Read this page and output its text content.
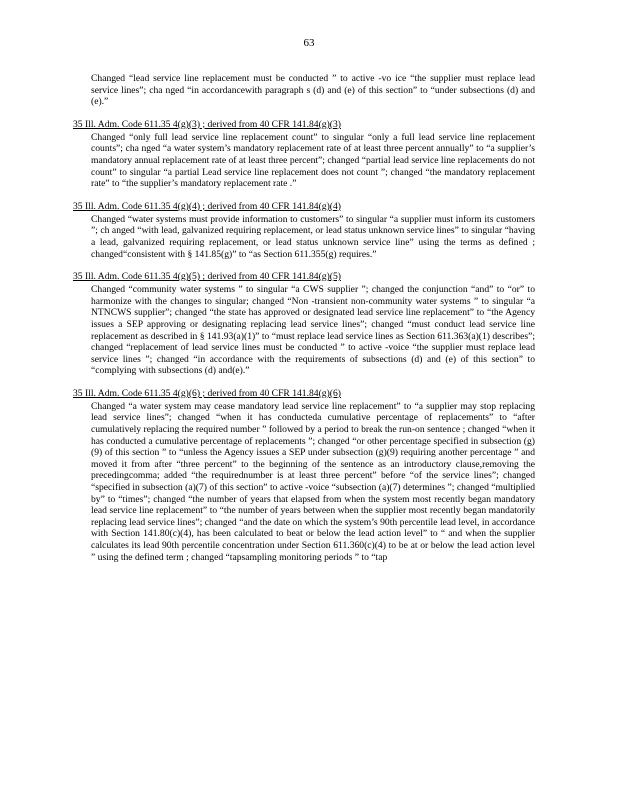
63

Changed “lead service line replacement must be conducted ” to active -vo ice “the supplier must replace lead service lines”; cha nged “in accordancewith paragraph s (d) and (e) of this section” to “under subsections (d) and (e).”

35 Ill. Adm. Code 611.35 4(g)(3) ; derived from 40 CFR 141.84(g)(3)

Changed “only full lead service line replacement count” to singular “only a full lead service line replacement counts”; cha nged “a water system’s mandatory replacement rate of at least three percent annually” to “a supplier’s mandatory annual replacement rate of at least three percent”; changed “partial lead service line replacements do not count” to singular “a partial Lead service line replacement does not count ”; changed “the mandatory replacement rate” to “the supplier’s mandatory replacement rate .”

35 Ill. Adm. Code 611.35 4(g)(4) ; derived from 40 CFR 141.84(g)(4)

Changed “water systems must provide information to customers” to singular “a supplier must inform its customers ”; ch anged “with lead, galvanized requiring replacement, or lead status unknown service lines” to singular “having a lead, galvanized requiring replacement, or lead status unknown service line” using the terms as defined ; changed“consistent with § 141.85(g)” to “as Section 611.355(g) requires.”

35 Ill. Adm. Code 611.35 4(g)(5) ; derived from 40 CFR 141.84(g)(5)

Changed “community water systems ” to singular “a CWS supplier ”; changed the conjunction “and” to “or” to harmonize with the changes to singular; changed “Non -transient non-community water systems ” to singular “a NTNCWS supplier”; changed “the state has approved or designated lead service line replacement” to “the Agency issues a SEP approving or designating replacing lead service lines”; changed “must conduct lead service line replacement as described in § 141.93(a)(1)” to “must replace lead service lines as Section 611.363(a)(1) describes”; changed “replacement of lead service lines must be conducted ” to active -voice “the supplier must replace lead service lines ”; changed “in accordance with the requirements of subsections (d) and (e) of this section” to “complying with subsections (d) and(e).”

35 Ill. Adm. Code 611.35 4(g)(6) ; derived from 40 CFR 141.84(g)(6)

Changed “a water system may cease mandatory lead service line replacement” to “a supplier may stop replacing lead service lines”; changed “when it has conducteda cumulative percentage of replacements” to “after cumulatively replacing the required number ” followed by a period to break the run-on sentence ; changed “when it has conducted a cumulative percentage of replacements ”; changed “or other percentage specified in subsection (g)(9) of this section ” to “unless the Agency issues a SEP under subsection (g)(9) requiring another percentage ” and moved it from after “three percent” to the beginning of the sentence as an introductory clause,removing the precedingcomma; added “the requirednumber is at least three percent” before “of the service lines”; changed “specified in subsection (a)(7) of this section” to active -voice “subsection (a)(7) determines ”; changed “multiplied by” to “times”; changed “the number of years that elapsed from when the system most recently began mandatory lead service line replacement” to “the number of years between when the supplier most recently began mandatorily replacing lead service lines”; changed “and the date on which the system’s 90th percentile lead level, in accordance with Section 141.80(c)(4), has been calculated to beat or below the lead action level” to “ and when the supplier calculates its lead 90th percentile concentration under Section 611.360(c)(4) to be at or below the lead action level ” using the defined term ; changed “tapsampling monitoring periods ” to “tap
